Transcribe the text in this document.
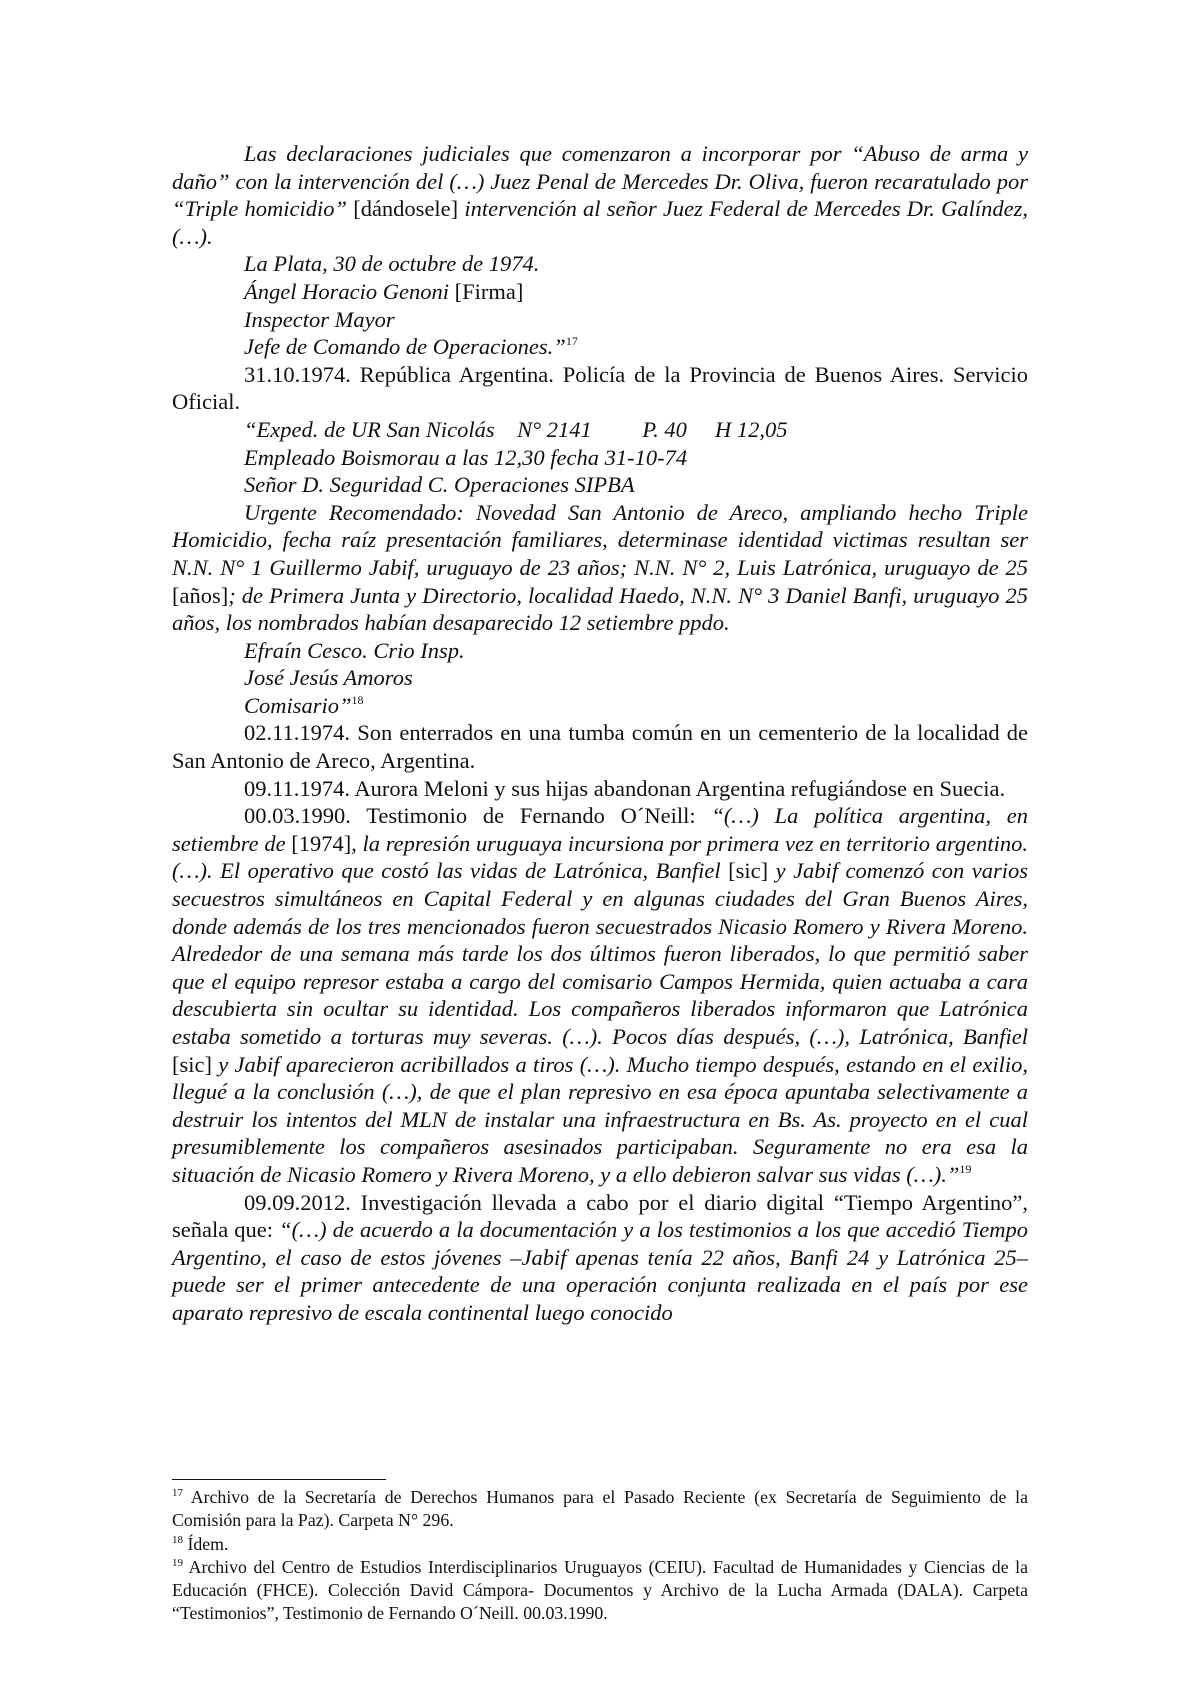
Las declaraciones judiciales que comenzaron a incorporar por “Abuso de arma y daño” con la intervención del (…) Juez Penal de Mercedes Dr. Oliva, fueron recaratulado por “Triple homicidio” [dándosele] intervención al señor Juez Federal de Mercedes Dr. Galíndez, (…).

La Plata, 30 de octubre de 1974.

Ángel Horacio Genoni [Firma]

Inspector Mayor

Jefe de Comando de Operaciones.”$^{17}$

31.10.1974. República Argentina. Policía de la Provincia de Buenos Aires. Servicio Oficial.

“Exped. de UR San Nicolás    N° 2141         P. 40     H 12,05

Empleado Boismorau a las 12,30 fecha 31-10-74

Señor D. Seguridad C. Operaciones SIPBA

Urgente Recomendado: Novedad San Antonio de Areco, ampliando hecho Triple Homicidio, fecha raíz presentación familiares, determinase identidad victimas resultan ser N.N. N° 1 Guillermo Jabif, uruguayo de 23 años; N.N. N° 2, Luis Latrónica, uruguayo de 25 [años]; de Primera Junta y Directorio, localidad Haedo, N.N. N° 3 Daniel Banfi, uruguayo 25 años, los nombrados habían desaparecido 12 setiembre ppdo.

Efraín Cesco. Crio Insp.

José Jesús Amoros

Comisario”$^{18}$

02.11.1974. Son enterrados en una tumba común en un cementerio de la localidad de San Antonio de Areco, Argentina.

09.11.1974. Aurora Meloni y sus hijas abandonan Argentina refugiándose en Suecia.

00.03.1990. Testimonio de Fernando O´Neill: “(…) La política argentina, en setiembre de [1974], la represión uruguaya incursiona por primera vez en territorio argentino. (…). El operativo que costó las vidas de Latrónica, Banfiel [sic] y Jabif comenzó con varios secuestros simultáneos en Capital Federal y en algunas ciudades del Gran Buenos Aires, donde además de los tres mencionados fueron secuestrados Nicasio Romero y Rivera Moreno. Alrededor de una semana más tarde los dos últimos fueron liberados, lo que permitió saber que el equipo represor estaba a cargo del comisario Campos Hermida, quien actuaba a cara descubierta sin ocultar su identidad. Los compañeros liberados informaron que Latrónica estaba sometido a torturas muy severas. (…). Pocos días después, (…), Latrónica, Banfiel [sic] y Jabif aparecieron acribillados a tiros (…). Mucho tiempo después, estando en el exilio, llegué a la conclusión (…), de que el plan represivo en esa época apuntaba selectivamente a destruir los intentos del MLN de instalar una infraestructura en Bs. As. proyecto en el cual presumiblemente los compañeros asesinados participaban. Seguramente no era esa la situación de Nicasio Romero y Rivera Moreno, y a ello debieron salvar sus vidas (…).”$^{19}$

09.09.2012. Investigación llevada a cabo por el diario digital “Tiempo Argentino”, señala que: “(…) de acuerdo a la documentación y a los testimonios a los que accedió Tiempo Argentino, el caso de estos jóvenes –Jabif apenas tenía 22 años, Banfi 24 y Latrónica 25– puede ser el primer antecedente de una operación conjunta realizada en el país por ese aparato represivo de escala continental luego conocido

$^{17}$ Archivo de la Secretaría de Derechos Humanos para el Pasado Reciente (ex Secretaría de Seguimiento de la Comisión para la Paz). Carpeta N° 296.

$^{18}$ Ídem.

$^{19}$ Archivo del Centro de Estudios Interdisciplinarios Uruguayos (CEIU). Facultad de Humanidades y Ciencias de la Educación (FHCE). Colección David Cámpora- Documentos y Archivo de la Lucha Armada (DALA). Carpeta “Testimonios”, Testimonio de Fernando O´Neill. 00.03.1990.
